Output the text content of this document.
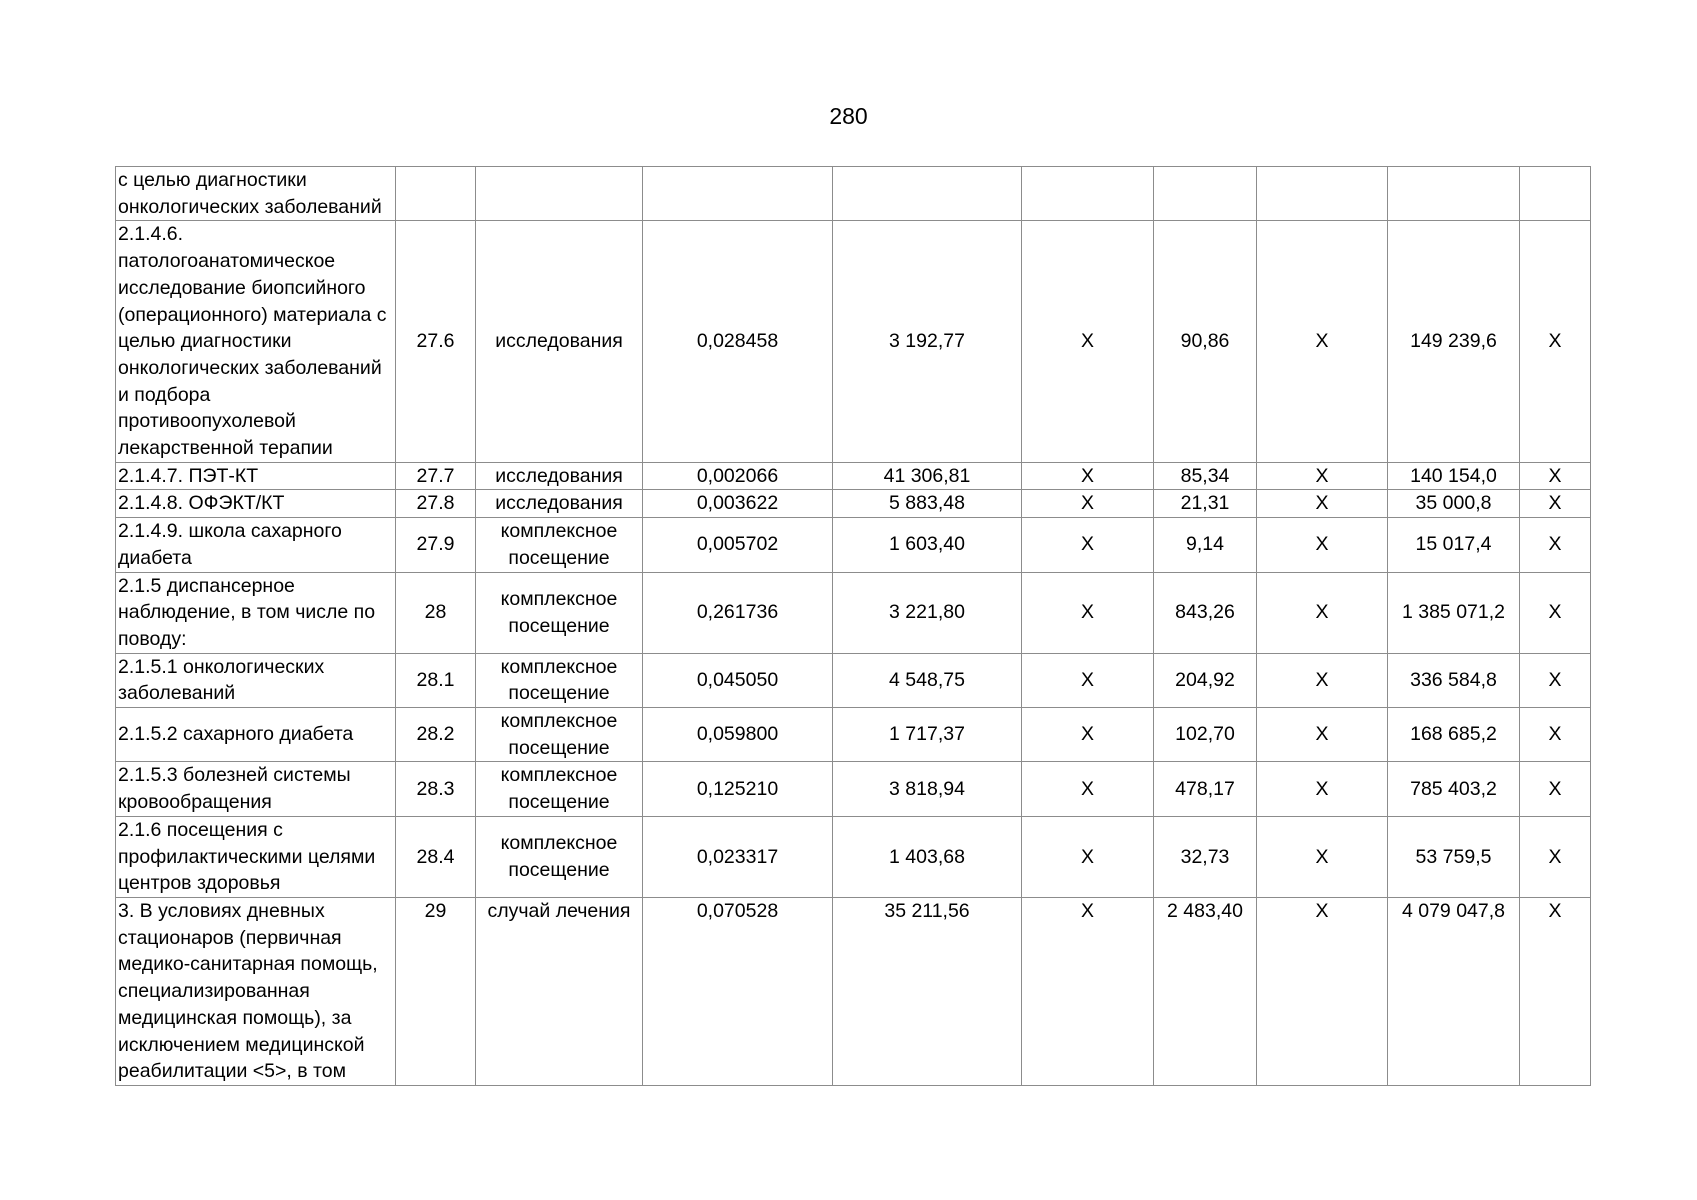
280
с целью диагностики онкологических заболеваний									
2.1.4.6. патологоанатомическое исследование биопсийного (операционного) материала с целью диагностики онкологических заболеваний и подбора противоопухолевой лекарственной терапии	27.6	исследования	0,028458	3 192,77	Х	90,86	Х	149 239,6	Х
2.1.4.7. ПЭТ-КТ	27.7	исследования	0,002066	41 306,81	Х	85,34	Х	140 154,0	Х
2.1.4.8. ОФЭКТ/КТ	27.8	исследования	0,003622	5 883,48	Х	21,31	Х	35 000,8	Х
2.1.4.9. школа сахарного диабета	27.9	комплексное посещение	0,005702	1 603,40	Х	9,14	Х	15 017,4	Х
2.1.5 диспансерное наблюдение, в том числе по поводу:	28	комплексное посещение	0,261736	3 221,80	Х	843,26	Х	1 385 071,2	Х
2.1.5.1 онкологических заболеваний	28.1	комплексное посещение	0,045050	4 548,75	Х	204,92	Х	336 584,8	Х
2.1.5.2 сахарного диабета	28.2	комплексное посещение	0,059800	1 717,37	Х	102,70	Х	168 685,2	Х
2.1.5.3 болезней системы кровообращения	28.3	комплексное посещение	0,125210	3 818,94	Х	478,17	Х	785 403,2	Х
2.1.6 посещения с профилактическими целями центров здоровья	28.4	комплексное посещение	0,023317	1 403,68	Х	32,73	Х	53 759,5	Х
3. В условиях дневных стационаров (первичная медико-санитарная помощь, специализированная медицинская помощь), за исключением медицинской реабилитации <5>, в том	29	случай лечения	0,070528	35 211,56	Х	2 483,40	Х	4 079 047,8	Х
